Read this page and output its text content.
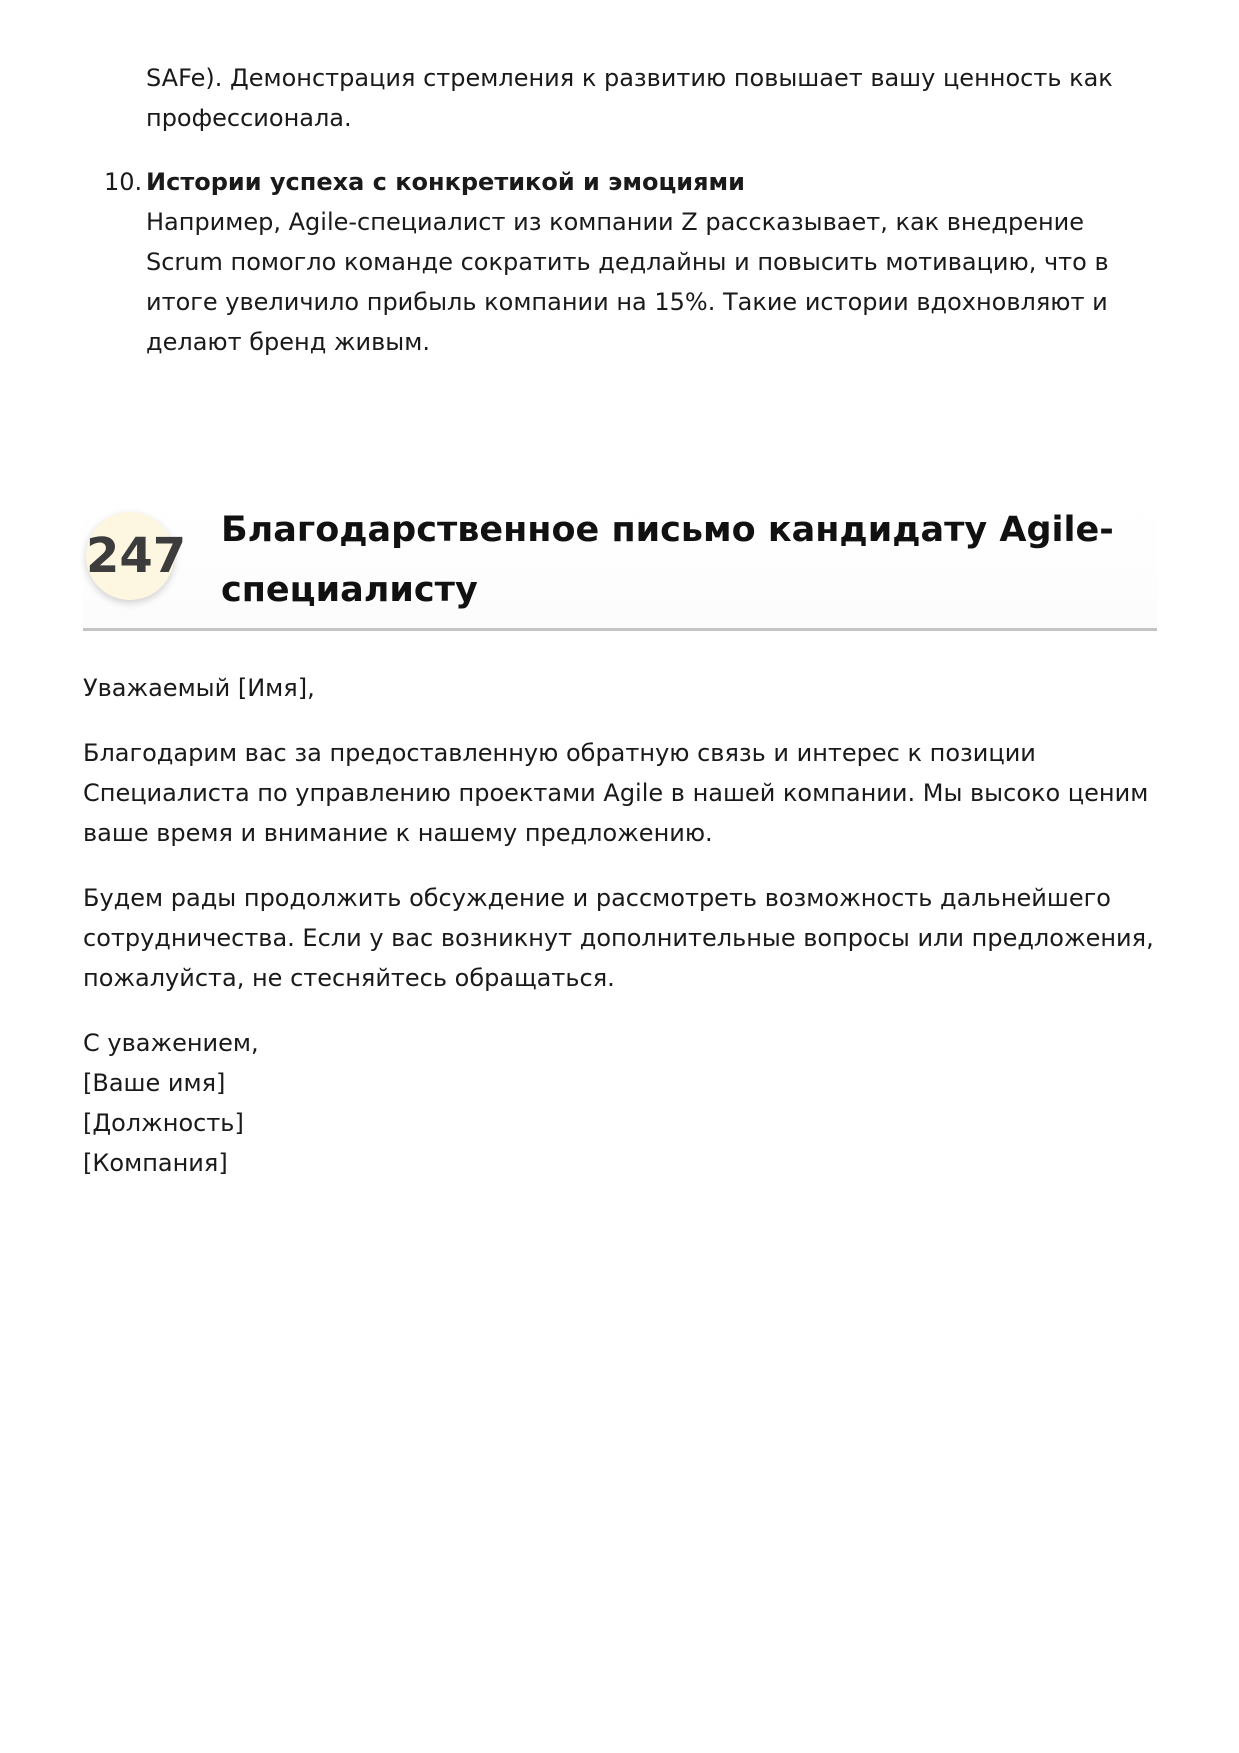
SAFe). Демонстрация стремления к развитию повышает вашу ценность как профессионала.
10. Истории успеха с конкретикой и эмоциями
Например, Agile-специалист из компании Z рассказывает, как внедрение Scrum помогло команде сократить дедлайны и повысить мотивацию, что в итоге увеличило прибыль компании на 15%. Такие истории вдохновляют и делают бренд живым.
247 Благодарственное письмо кандидату Agile-специалисту

Уважаемый [Имя],

Благодарим вас за предоставленную обратную связь и интерес к позиции Специалиста по управлению проектами Agile в нашей компании. Мы высоко ценим ваше время и внимание к нашему предложению.

Будем рады продолжить обсуждение и рассмотреть возможность дальнейшего сотрудничества. Если у вас возникнут дополнительные вопросы или предложения, пожалуйста, не стесняйтесь обращаться.

С уважением,
[Ваше имя]
[Должность]
[Компания]
